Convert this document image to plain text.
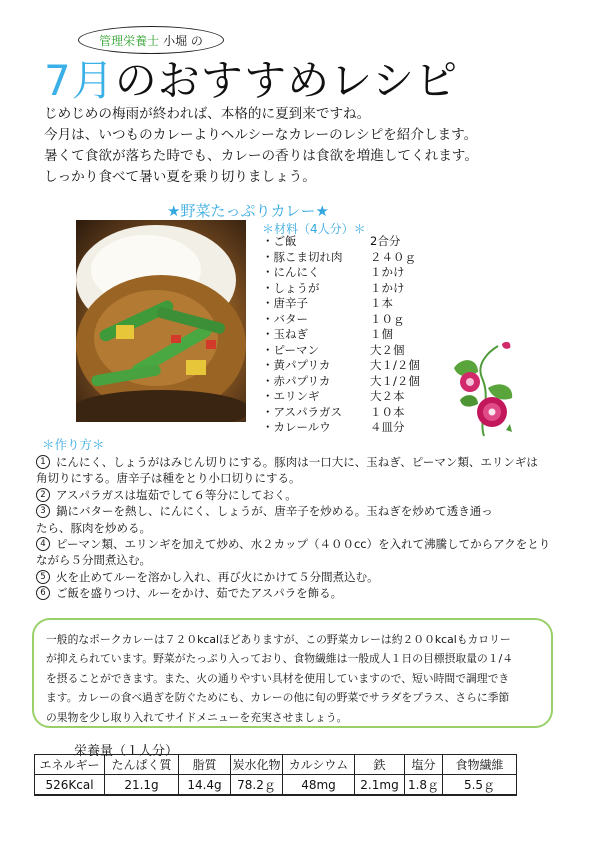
管理栄養士 小堀 の
7月のおすすめレシピ
じめじめの梅雨が終われば、本格的に夏到来ですね。
今月は、いつものカレーよりヘルシーなカレーのレシピを紹介します。
暑くて食欲が落ちた時でも、カレーの香りは食欲を増進してくれます。
しっかり食べて暑い夏を乗り切りましょう。
★野菜たっぷりカレー★
＊材料（4人分）＊
・ご飯	2合分
・豚こま切れ肉	２４０ｇ
・にんにく	１かけ
・しょうが	１かけ
・唐辛子	１本
・バター	１０ｇ
・玉ねぎ	１個
・ピーマン	大２個
・黄パプリカ	大１/２個
・赤パプリカ	大１/２個
・エリンギ	大２本
・アスパラガス	１０本
・カレールウ	４皿分
＊作り方＊
1 にんにく、しょうがはみじん切りにする。豚肉は一口大に、玉ねぎ、ピーマン類、エリンギは
角切りにする。唐辛子は種をとり小口切りにする。
2 アスパラガスは塩茹でして６等分にしておく。
3 鍋にバターを熱し、にんにく、しょうが、唐辛子を炒める。玉ねぎを炒めて透き通っ
たら、豚肉を炒める。
4 ピーマン類、エリンギを加えて炒め、水２カップ（４００cc）を入れて沸騰してからアクをとり
ながら５分間煮込む。
5 火を止めてルーを溶かし入れ、再び火にかけて５分間煮込む。
6 ご飯を盛りつけ、ルーをかけ、茹でたアスパラを飾る。
一般的なポークカレーは７２０kcalほどありますが、この野菜カレーは約２００kcalもカロリー
が抑えられています。野菜がたっぷり入っており、食物繊維は一般成人１日の目標摂取量の１/４
を摂ることができます。また、火の通りやすい具材を使用していますので、短い時間で調理でき
ます。カレーの食べ過ぎを防ぐためにも、カレーの他に旬の野菜でサラダをプラス、さらに季節
の果物を少し取り入れてサイドメニューを充実させましょう。
栄養量（１人分）
エネルギー	たんぱく質	脂質	炭水化物	カルシウム	鉄	塩分	食物繊維
526Kcal	21.1g	14.4g	78.2ｇ	48mg	2.1mg	1.8ｇ	5.5ｇ
